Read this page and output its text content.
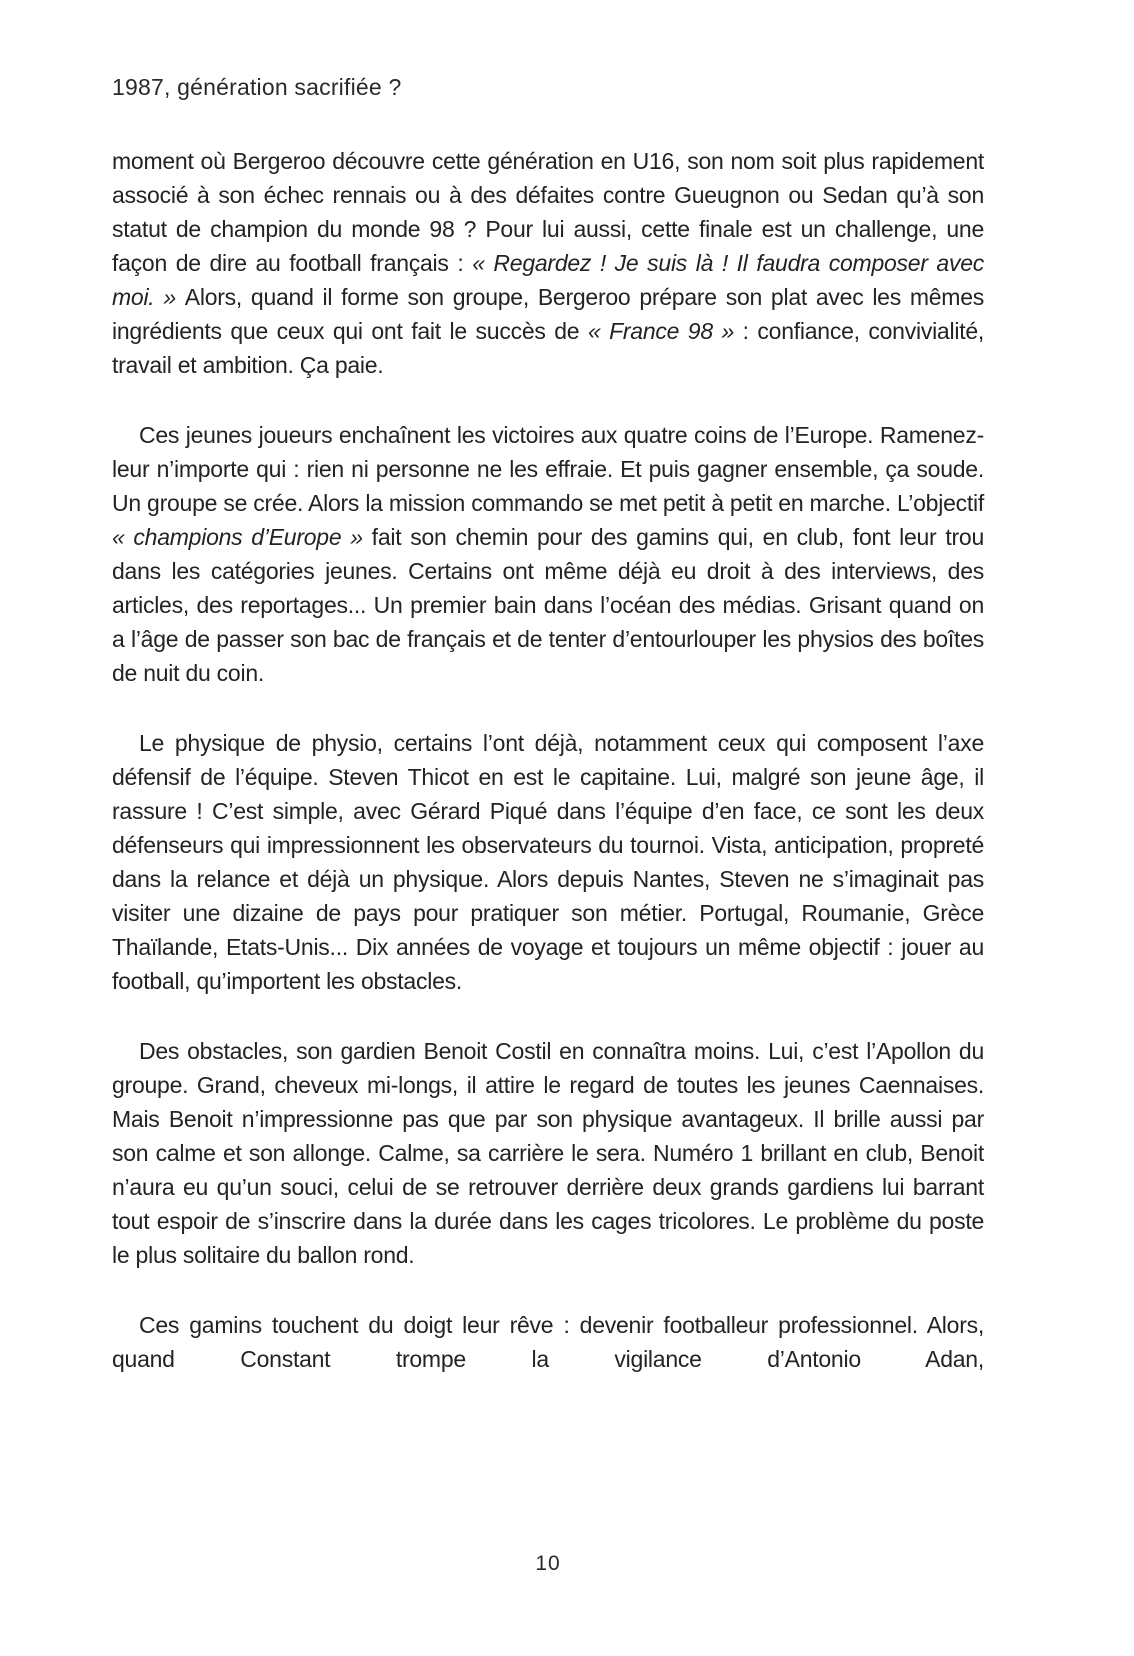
1987, génération sacrifiée ?

moment où Bergeroo découvre cette génération en U16, son nom soit plus rapidement associé à son échec rennais ou à des défaites contre Gueugnon ou Sedan qu’à son statut de champion du monde 98 ? Pour lui aussi, cette finale est un challenge, une façon de dire au football français : « Regardez ! Je suis là ! Il faudra composer avec moi. » Alors, quand il forme son groupe, Bergeroo prépare son plat avec les mêmes ingrédients que ceux qui ont fait le succès de « France 98 » : confiance, convivialité, travail et ambition. Ça paie.

Ces jeunes joueurs enchaînent les victoires aux quatre coins de l’Europe. Ramenez-leur n’importe qui : rien ni personne ne les effraie. Et puis gagner ensemble, ça soude. Un groupe se crée. Alors la mission commando se met petit à petit en marche. L’objectif « champions d’Europe » fait son chemin pour des gamins qui, en club, font leur trou dans les catégories jeunes. Certains ont même déjà eu droit à des interviews, des articles, des reportages... Un premier bain dans l’océan des médias. Grisant quand on a l’âge de passer son bac de français et de tenter d’entourlouper les physios des boîtes de nuit du coin.

Le physique de physio, certains l’ont déjà, notamment ceux qui composent l’axe défensif de l’équipe. Steven Thicot en est le capitaine. Lui, malgré son jeune âge, il rassure ! C’est simple, avec Gérard Piqué dans l’équipe d’en face, ce sont les deux défenseurs qui impressionnent les observateurs du tournoi. Vista, anticipation, propreté dans la relance et déjà un physique. Alors depuis Nantes, Steven ne s’imaginait pas visiter une dizaine de pays pour pratiquer son métier. Portugal, Roumanie, Grèce Thaïlande, Etats-Unis... Dix années de voyage et toujours un même objectif : jouer au football, qu’importent les obstacles.

Des obstacles, son gardien Benoit Costil en connaîtra moins. Lui, c’est l’Apollon du groupe. Grand, cheveux mi-longs, il attire le regard de toutes les jeunes Caennaises. Mais Benoit n’impressionne pas que par son physique avantageux. Il brille aussi par son calme et son allonge. Calme, sa carrière le sera. Numéro 1 brillant en club, Benoit n’aura eu qu’un souci, celui de se retrouver derrière deux grands gardiens lui barrant tout espoir de s’inscrire dans la durée dans les cages tricolores. Le problème du poste le plus solitaire du ballon rond.

Ces gamins touchent du doigt leur rêve : devenir footballeur professionnel. Alors, quand Constant trompe la vigilance d’Antonio Adan,

10
